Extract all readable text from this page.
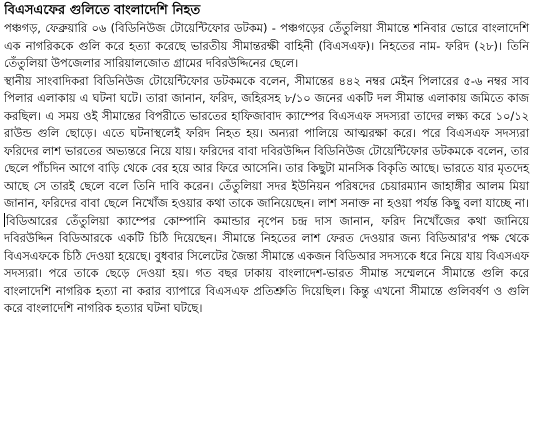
বিএসএফের গুলিতে বাংলাদেশি নিহত

পঞ্চগড়, ফেব্রুয়ারি ০৬ (বিডিনিউজ টোয়েন্টিফোর ডটকম) - পঞ্চগড়ের তেঁতুলিয়া সীমান্তে শনিবার ভোরে বাংলাদেশি এক নাগরিককে গুলি করে হত্যা করেছে ভারতীয় সীমান্তরক্ষী বাহিনী (বিএসএফ)। নিহতের নাম- ফরিদ (২৮)। তিনি তেঁতুলিয়া উপজেলার সারিয়ালজোত গ্রামের দবিরউদ্দিনের ছেলে।

স্থানীয় সাংবাদিকরা বিডিনিউজ টোয়েন্টিফোর ডটকমকে বলেন, সীমান্তের ৪৪২ নম্বর মেইন পিলারের ৫-৬ নম্বর সাব পিলার এলাকায় এ ঘটনা ঘটে। তারা জানান, ফরিদ, জহিরসহ ৮/১০ জনের একটি দল সীমান্ত এলাকায় জমিতে কাজ করছিল। এ সময় ওই সীমান্তের বিপরীতে ভারতের হাফিজাবাদ ক্যাম্পের বিএসএফ সদস্যরা তাদের লক্ষ্য করে ১০/১২ রাউন্ড গুলি ছোড়ে। এতে ঘটনাস্থলেই ফরিদ নিহত হয়। অন্যরা পালিয়ে আত্মরক্ষা করে। পরে বিএসএফ সদস্যরা ফরিদের লাশ ভারতের অভ্যন্তরে নিয়ে যায়। ফরিদের বাবা দবিরউদ্দিন বিডিনিউজ টোয়েন্টিফোর ডটকমকে বলেন, তার ছেলে পাঁচদিন আগে বাড়ি থেকে বের হয়ে আর ফিরে আসেনি। তার কিছুটা মানসিক বিকৃতি আছে। ভারতে যার মৃতদেহ আছে সে তারই ছেলে বলে তিনি দাবি করেন। তেঁতুলিয়া সদর ইউনিয়ন পরিষদের চেয়ারম্যান জাহাঙ্গীর আলম মিয়া জানান, ফরিদের বাবা ছেলে নিখোঁজ হওয়ার কথা তাকে জানিয়েছেন। লাশ সনাক্ত না হওয়া পর্যন্ত কিছু বলা যাচ্ছে না। বিডিআরের তেঁতুলিয়া ক্যাম্পের কোম্পানি কমান্ডার নৃপেন চন্দ্র দাস জানান, ফরিদ নিখোঁজের কথা জানিয়ে দবিরউদ্দিন বিডিআরকে একটি চিঠি দিয়েছেন। সীমান্তে নিহতের লাশ ফেরত দেওয়ার জন্য বিডিআর'র পক্ষ থেকে বিএসএফকে চিঠি দেওয়া হয়েছে। বুধবার সিলেটের জৈন্তা সীমান্তে একজন বিডিআর সদস্যকে ধরে নিয়ে যায় বিএসএফ সদস্যরা। পরে তাকে ছেড়ে দেওয়া হয়। গত বছর ঢাকায় বাংলাদেশ-ভারত সীমান্ত সম্মেলনে সীমান্তে গুলি করে বাংলাদেশি নাগরিক হত্যা না করার ব্যাপারে বিএসএফ প্রতিশ্রুতি দিয়েছিল। কিন্তু এখনো সীমান্তে গুলিবর্ষণ ও গুলি করে বাংলাদেশি নাগরিক হত্যার ঘটনা ঘটছে।
